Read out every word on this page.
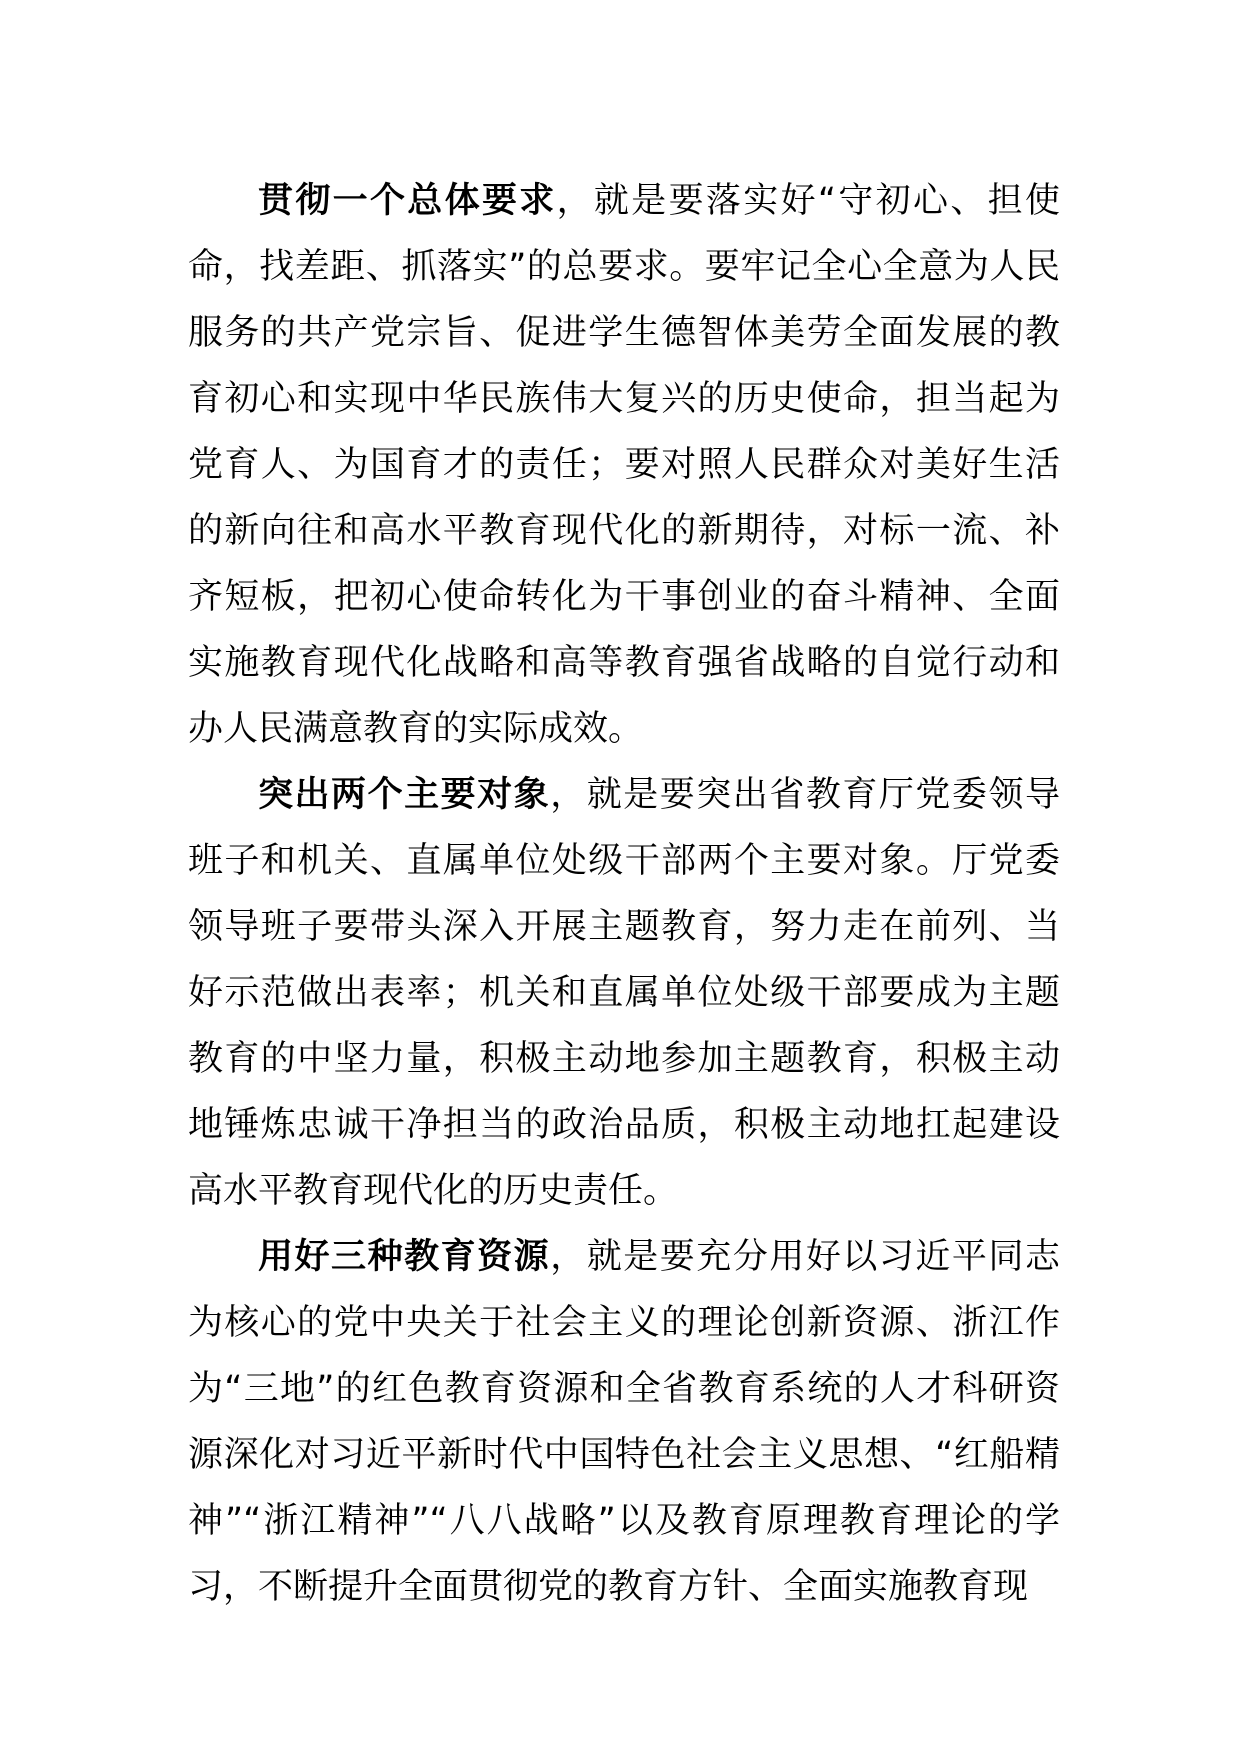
贯彻一个总体要求，就是要落实好“守初心、担使命，找差距、抓落实”的总要求。要牢记全心全意为人民服务的共产党宗旨、促进学生德智体美劳全面发展的教育初心和实现中华民族伟大复兴的历史使命，担当起为党育人、为国育才的责任；要对照人民群众对美好生活的新向往和高水平教育现代化的新期待，对标一流、补齐短板，把初心使命转化为干事创业的奋斗精神、全面实施教育现代化战略和高等教育强省战略的自觉行动和办人民满意教育的实际成效。

突出两个主要对象，就是要突出省教育厅党委领导班子和机关、直属单位处级干部两个主要对象。厅党委领导班子要带头深入开展主题教育，努力走在前列、当好示范做出表率；机关和直属单位处级干部要成为主题教育的中坚力量，积极主动地参加主题教育，积极主动地锤炼忠诚干净担当的政治品质，积极主动地扛起建设高水平教育现代化的历史责任。

用好三种教育资源，就是要充分用好以习近平同志为核心的党中央关于社会主义的理论创新资源、浙江作为“三地”的红色教育资源和全省教育系统的人才科研资源深化对习近平新时代中国特色社会主义思想、“红船精神”“浙江精神”“八八战略”以及教育原理教育理论的学习，不断提升全面贯彻党的教育方针、全面实施教育现
